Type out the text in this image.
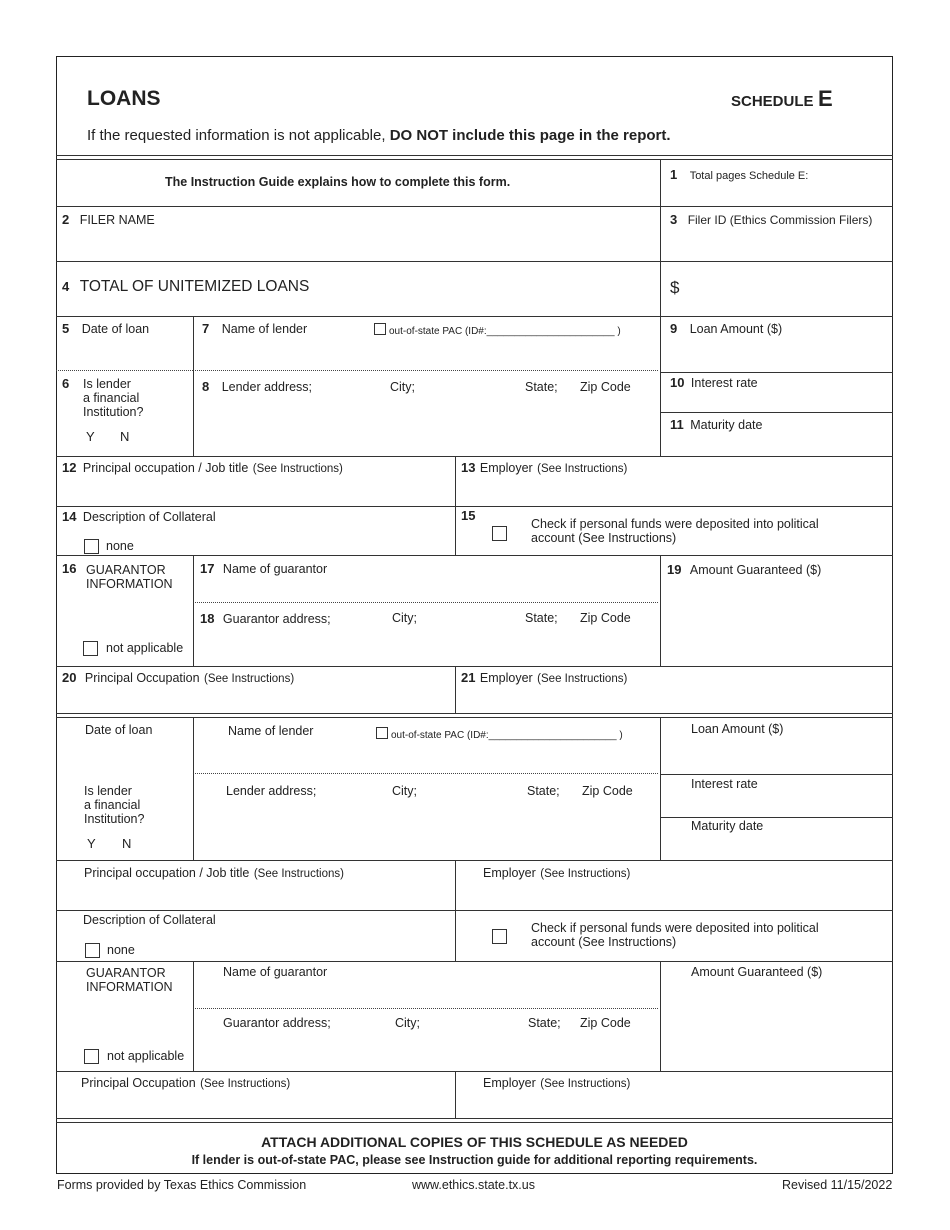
LOANS	SCHEDULE E
If the requested information is not applicable, DO NOT include this page in the report.
The Instruction Guide explains how to complete this form.	1 Total pages Schedule E:
2 FILER NAME	3 Filer ID (Ethics Commission Filers)
4 TOTAL OF UNITEMIZED LOANS	$
5 Date of loan	7 Name of lender	out-of-state PAC (ID#:_______________________ )	9 Loan Amount ($)
6 Is lender
a financial
Institution?
Y N
8 Lender address;	City;	State; Zip Code	10 Interest rate
11 Maturity date
12 Principal occupation / Job title (See Instructions)	13 Employer (See Instructions)
14 Description of Collateral
none
15
Check if personal funds were deposited into political
account (See Instructions)
16 GUARANTOR
INFORMATION
not applicable
17 Name of guarantor
18 Guarantor address;	City;	State; Zip Code
19 Amount Guaranteed ($)
20 Principal Occupation (See Instructions)	21 Employer (See Instructions)
Date of loan	Name of lender	out-of-state PAC (ID#:_______________________ )	Loan Amount ($)
Is lender
a financial
Institution?
Y N
Lender address;	City;	State; Zip Code	Interest rate
Maturity date
Principal occupation / Job title (See Instructions)	Employer (See Instructions)
Description of Collateral
none
Check if personal funds were deposited into political
account (See Instructions)
GUARANTOR
INFORMATION
not applicable
Name of guarantor
Guarantor address;	City;	State; Zip Code
Amount Guaranteed ($)
Principal Occupation (See Instructions)	Employer (See Instructions)
ATTACH ADDITIONAL COPIES OF THIS SCHEDULE AS NEEDED
If lender is out-of-state PAC, please see Instruction guide for additional reporting requirements.
Forms provided by Texas Ethics Commission	www.ethics.state.tx.us	Revised 11/15/2022
